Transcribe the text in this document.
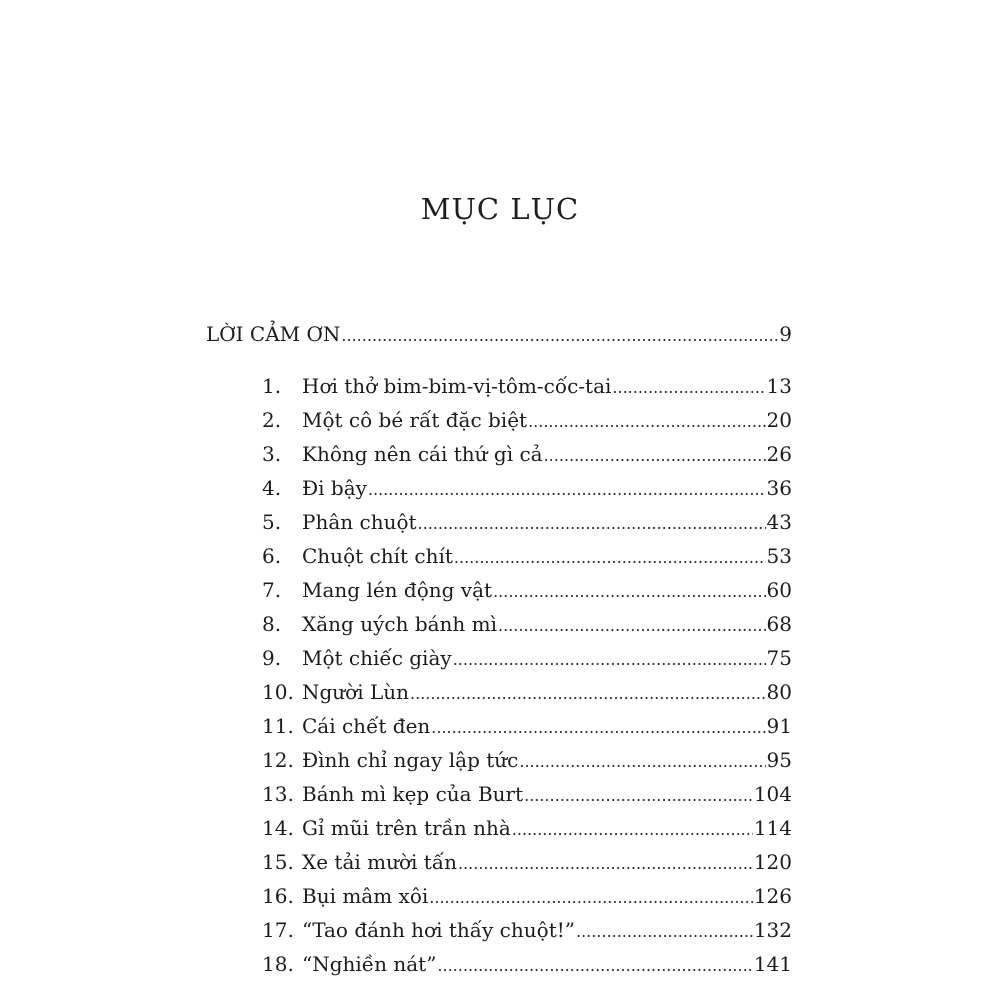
MỤC LỤC
LỜI CẢM ƠN .....	9
1.	Hơi thở bim-bim-vị-tôm-cốc-tai .....	13
2.	Một cô bé rất đặc biệt .....	20
3.	Không nên cái thứ gì cả .....	26
4.	Đi bậy .....	36
5.	Phân chuột .....	43
6.	Chuột chít chít .....	53
7.	Mang lén động vật .....	60
8.	Xăng uých bánh mì .....	68
9.	Một chiếc giày .....	75
10. Người Lùn .....	80
11. Cái chết đen .....	91
12. Đình chỉ ngay lập tức .....	95
13. Bánh mì kẹp của Burt .....	104
14. Gỉ mũi trên trần nhà .....	114
15. Xe tải mười tấn .....	120
16. Bụi mâm xôi .....	126
17. “Tao đánh hơi thấy chuột!” .....	132
18. “Nghiền nát” .....	141
